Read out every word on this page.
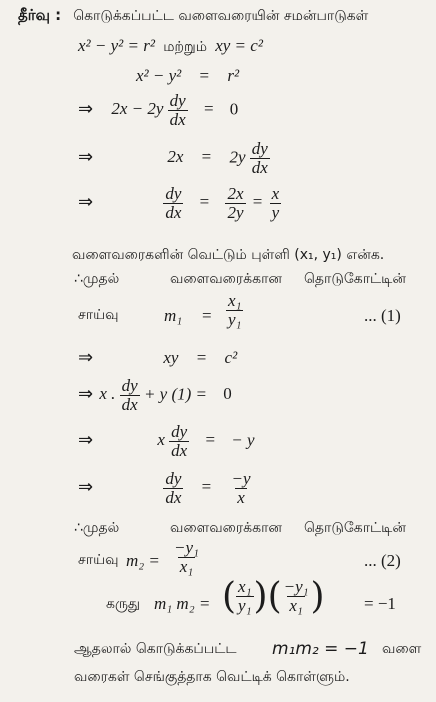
தீர்வு : கொடுக்கப்பட்ட வளைவரையின் சமன்பாடுகள்
x² − y² = r² மற்றும் xy = c²
x² − y² = r²
⇒ $2x - 2y \frac{dy}{dx} = 0$
⇒	$2x = 2y \frac{dy}{dx}$
⇒	$\frac{dy}{dx} = \frac{2x}{2y} = \frac{x}{y}$
வளைவரைகளின் வெட்டும் புள்ளி (x₁, y₁) என்க.
∴முதல்	வளைவரைக்கான தொடுகோட்டின்
சாய்வு	$m_1 = \frac{\text{x₁}}{\text{y₁}}$	... (1)
⇒	xy = c²
⇒ x . $\frac{dy}{dx} + y$ (1) = 0
⇒	x $\frac{dy}{dx}$ = − y
⇒	$\frac{dy}{dx} = \frac{-y}{x}$
∴முதல்	வளைவரைக்கான தொடுகோட்டின்
சாய்வு $m_2 = \frac{\text{−y₁}}{\text{x₁}}$	... (2)
கருது m₁ m₂ = ( $\frac{\text{x₁}}{\text{y₁}}$ )( $\frac{\text{−y₁}}{\text{x₁}}$ ) = −1
ஆதலால் கொடுக்கப்பட்ட m₁m₂ = −1 வளை
வரைகள் செங்குத்தாக வெட்டிக் கொள்ளும்.
